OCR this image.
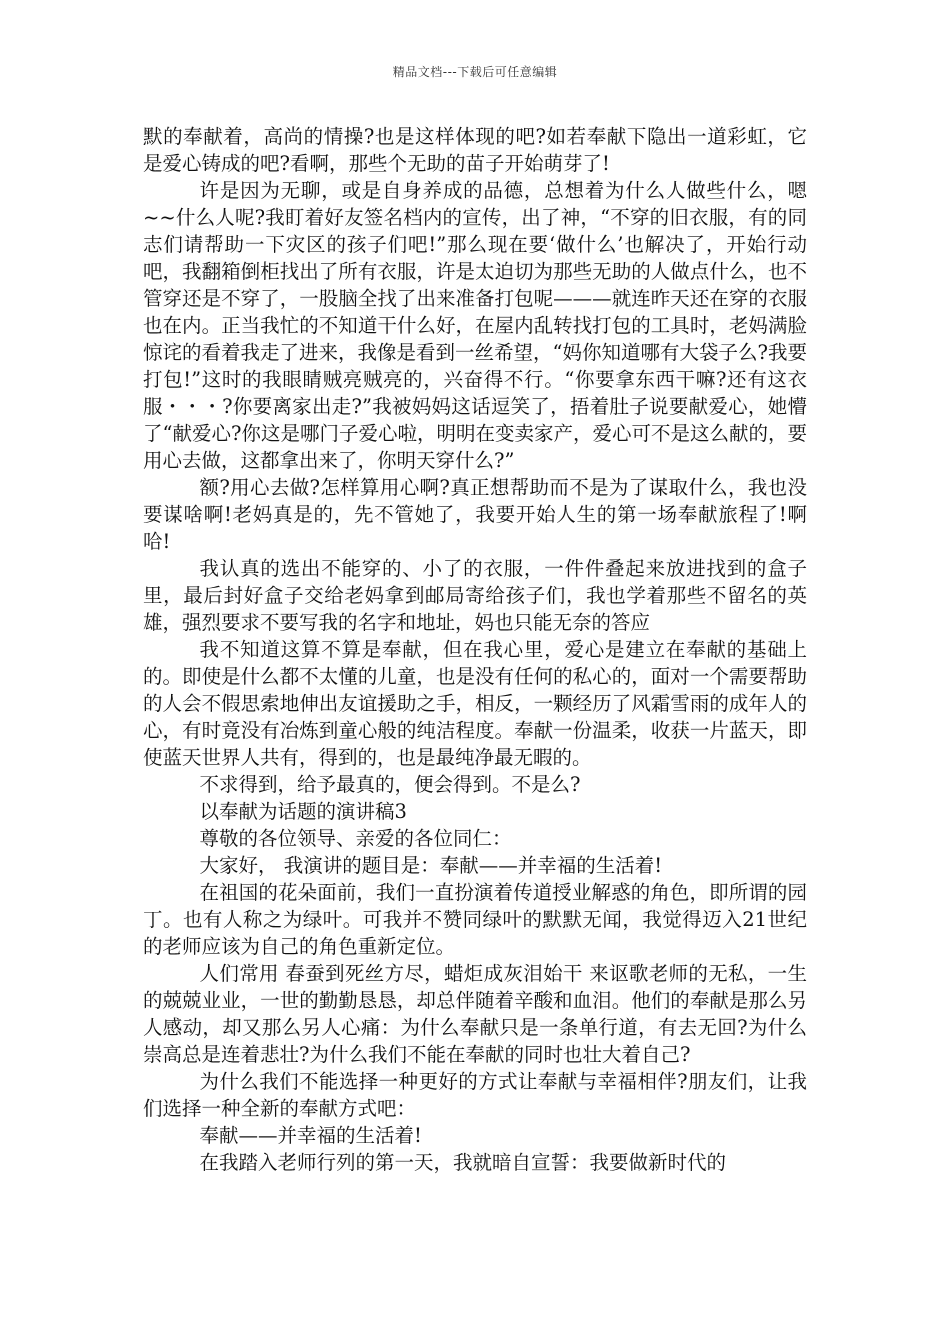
精品文档---下载后可任意编辑

默的奉献着，高尚的情操?也是这样体现的吧?如若奉献下隐出一道彩虹，它是爱心铸成的吧?看啊，那些个无助的苗子开始萌芽了!

许是因为无聊，或是自身养成的品德，总想着为什么人做些什么，嗯~~什么人呢?我盯着好友签名档内的宣传，出了神，“不穿的旧衣服，有的同志们请帮助一下灾区的孩子们吧!”那么现在要‘做什么’也解决了，开始行动吧，我翻箱倒柜找出了所有衣服，许是太迫切为那些无助的人做点什么，也不管穿还是不穿了，一股脑全找了出来准备打包呢———就连昨天还在穿的衣服也在内。正当我忙的不知道干什么好，在屋内乱转找打包的工具时，老妈满脸惊诧的看着我走了进来，我像是看到一丝希望，“妈你知道哪有大袋子么?我要打包!”这时的我眼睛贼亮贼亮的，兴奋得不行。“你要拿东西干嘛?还有这衣服・・・?你要离家出走?”我被妈妈这话逗笑了，捂着肚子说要献爱心，她懵了“献爱心?你这是哪门子爱心啦，明明在变卖家产，爱心可不是这么献的，要用心去做，这都拿出来了，你明天穿什么?”

额?用心去做?怎样算用心啊?真正想帮助而不是为了谋取什么，我也没要谋啥啊!老妈真是的，先不管她了，我要开始人生的第一场奉献旅程了!啊哈!

我认真的选出不能穿的、小了的衣服，一件件叠起来放进找到的盒子里，最后封好盒子交给老妈拿到邮局寄给孩子们，我也学着那些不留名的英雄，强烈要求不要写我的名字和地址，妈也只能无奈的答应

我不知道这算不算是奉献，但在我心里，爱心是建立在奉献的基础上的。即使是什么都不太懂的儿童，也是没有任何的私心的，面对一个需要帮助的人会不假思索地伸出友谊援助之手，相反，一颗经历了风霜雪雨的成年人的心，有时竟没有冶炼到童心般的纯洁程度。奉献一份温柔，收获一片蓝天，即使蓝天世界人共有，得到的，也是最纯净最无暇的。

不求得到，给予最真的，便会得到。不是么?

以奉献为话题的演讲稿3

尊敬的各位领导、亲爱的各位同仁：

大家好， 我演讲的题目是：奉献——并幸福的生活着!

在祖国的花朵面前，我们一直扮演着传道授业解惑的角色，即所谓的园丁。也有人称之为绿叶。可我并不赞同绿叶的默默无闻，我觉得迈入21世纪的老师应该为自己的角色重新定位。

人们常用 春蚕到死丝方尽，蜡炬成灰泪始干 来讴歌老师的无私，一生的兢兢业业，一世的勤勤恳恳，却总伴随着辛酸和血泪。他们的奉献是那么另人感动，却又那么另人心痛：为什么奉献只是一条单行道，有去无回?为什么崇高总是连着悲壮?为什么我们不能在奉献的同时也壮大着自己?

为什么我们不能选择一种更好的方式让奉献与幸福相伴?朋友们，让我们选择一种全新的奉献方式吧：

奉献——并幸福的生活着!

在我踏入老师行列的第一天，我就暗自宣誓：我要做新时代的
